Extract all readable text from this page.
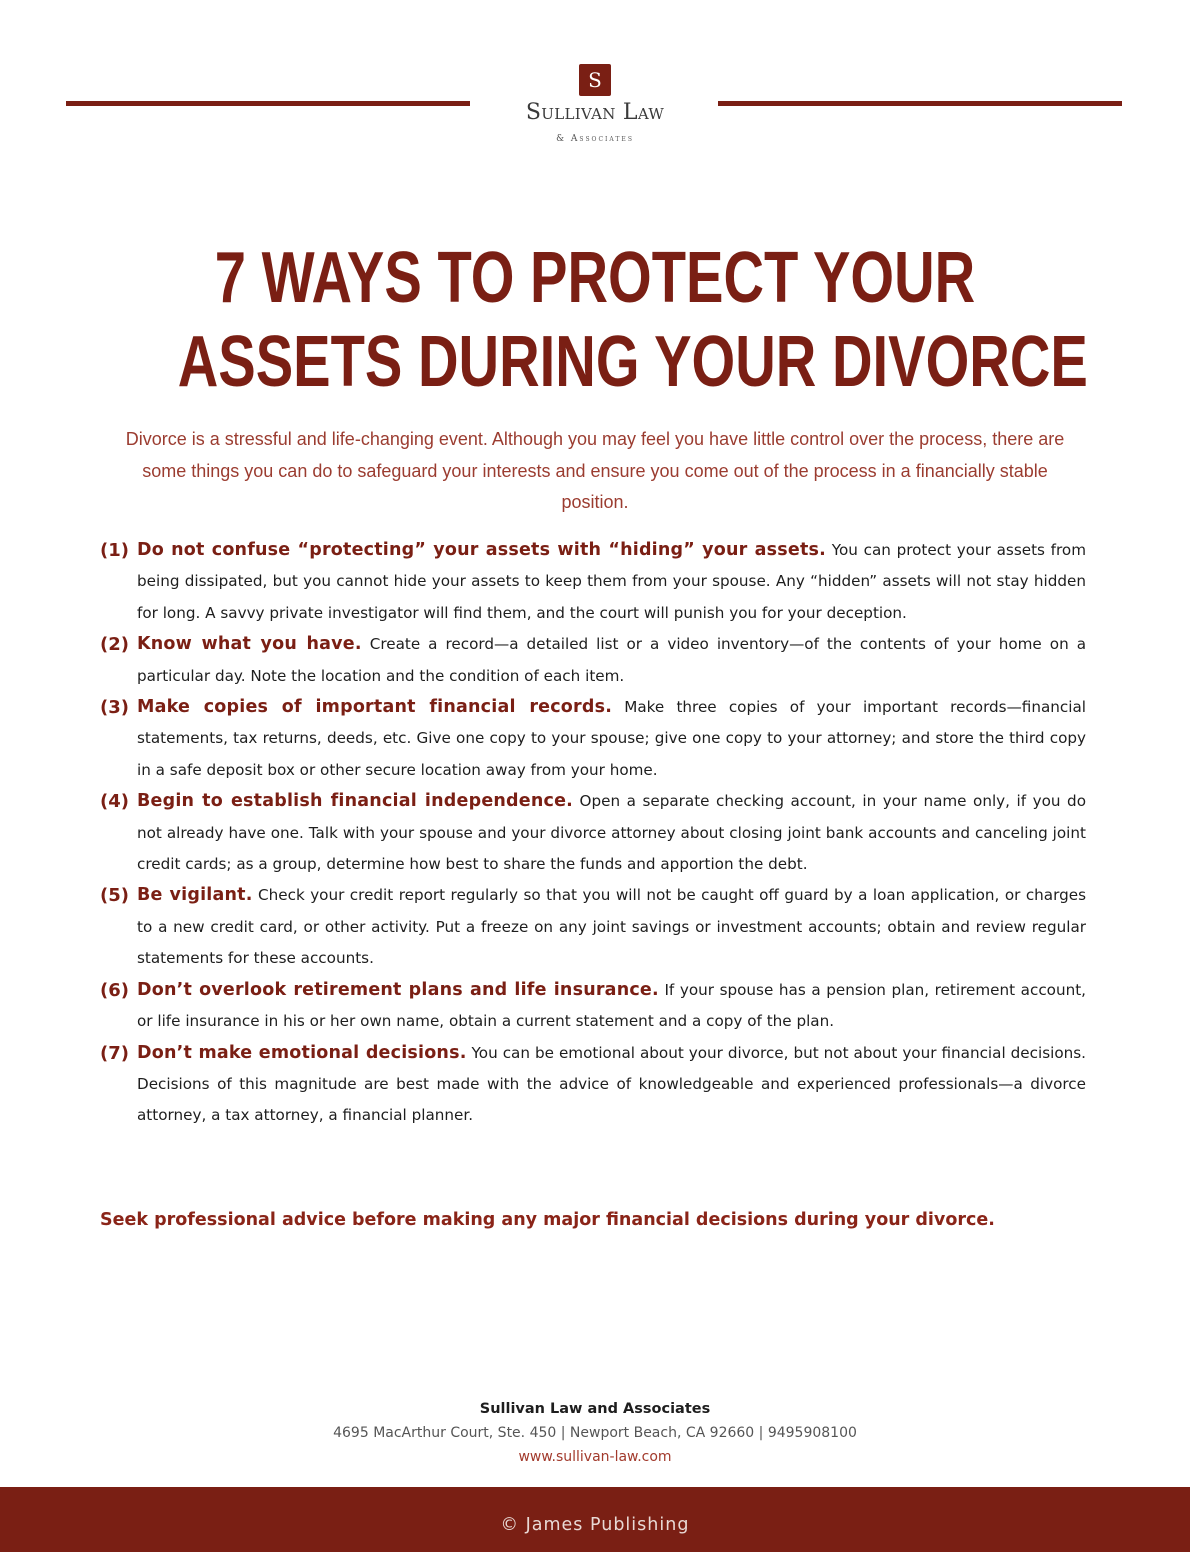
S
Sullivan Law
& Associates
7 WAYS TO PROTECT YOUR
ASSETS DURING YOUR DIVORCE

Divorce is a stressful and life-changing event. Although you may feel you have little control over the process, there are some things you can do to safeguard your interests and ensure you come out of the process in a financially stable position.

(1) Do not confuse “protecting” your assets with “hiding” your assets. You can protect your assets from being dissipated, but you cannot hide your assets to keep them from your spouse. Any “hidden” assets will not stay hidden for long. A savvy private investigator will find them, and the court will punish you for your deception.

(2) Know what you have. Create a record—a detailed list or a video inventory—of the contents of your home on a particular day. Note the location and the condition of each item.

(3) Make copies of important financial records. Make three copies of your important records—financial statements, tax returns, deeds, etc. Give one copy to your spouse; give one copy to your attorney; and store the third copy in a safe deposit box or other secure location away from your home.

(4) Begin to establish financial independence. Open a separate checking account, in your name only, if you do not already have one. Talk with your spouse and your divorce attorney about closing joint bank accounts and canceling joint credit cards; as a group, determine how best to share the funds and apportion the debt.

(5) Be vigilant. Check your credit report regularly so that you will not be caught off guard by a loan application, or charges to a new credit card, or other activity. Put a freeze on any joint savings or investment accounts; obtain and review regular statements for these accounts.

(6) Don’t overlook retirement plans and life insurance. If your spouse has a pension plan, retirement account, or life insurance in his or her own name, obtain a current statement and a copy of the plan.

(7) Don’t make emotional decisions. You can be emotional about your divorce, but not about your financial decisions. Decisions of this magnitude are best made with the advice of knowledgeable and experienced professionals—a divorce attorney, a tax attorney, a financial planner.

Seek professional advice before making any major financial decisions during your divorce.

Sullivan Law and Associates
4695 MacArthur Court, Ste. 450 | Newport Beach, CA 92660 | 9495908100
www.sullivan-law.com
© James Publishing
